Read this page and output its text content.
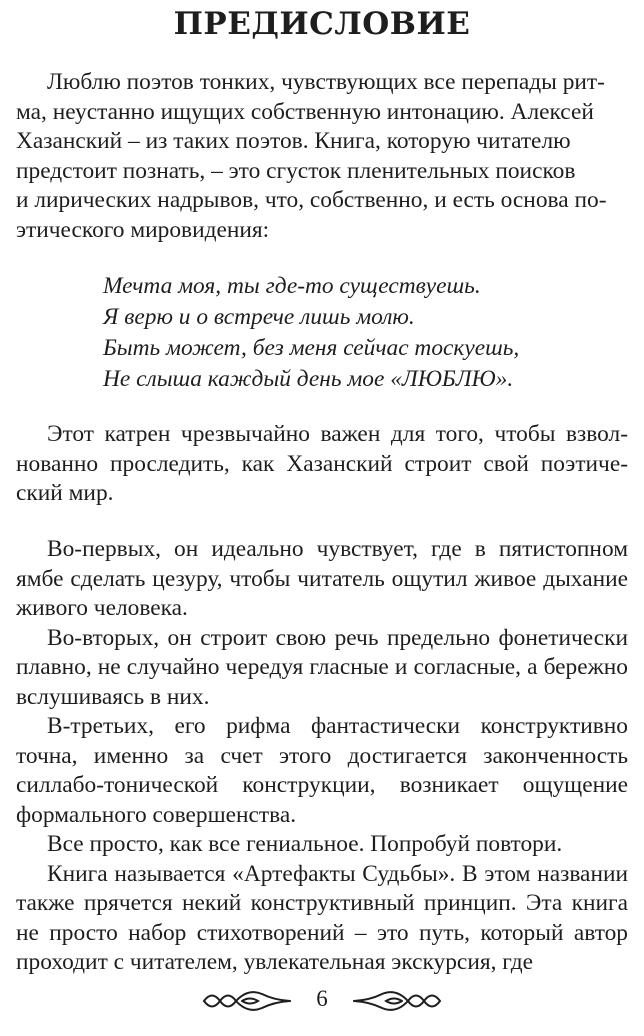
ПРЕДИСЛОВИЕ
Люблю поэтов тонких, чувствующих все перепады рит-
ма, неустанно ищущих собственную интонацию. Алексей
Хазанский – из таких поэтов. Книга, которую читателю
предстоит познать, – это сгусток пленительных поисков
и лирических надрывов, что, собственно, и есть основа по-
этического мировидения:
Мечта моя, ты где-то существуешь.
Я верю и о встрече лишь молю.
Быть может, без меня сейчас тоскуешь,
Не слыша каждый день мое «ЛЮБЛЮ».

Этот катрен чрезвычайно важен для того, чтобы взволнованно проследить, как Хазанский строит свой поэтический мир.

Во-первых, он идеально чувствует, где в пятистопном ямбе сделать цезуру, чтобы читатель ощутил живое дыхание живого человека.

Во-вторых, он строит свою речь предельно фонетически плавно, не случайно чередуя гласные и согласные, а бережно вслушиваясь в них.

В-третьих, его рифма фантастически конструктивно точна, именно за счет этого достигается законченность силлабо-тонической конструкции, возникает ощущение формального совершенства.

Все просто, как все гениальное. Попробуй повтори.

Книга называется «Артефакты Судьбы». В этом названии также прячется некий конструктивный принцип. Эта книга не просто набор стихотворений – это путь, который автор проходит с читателем, увлекательная экскурсия, где

6
